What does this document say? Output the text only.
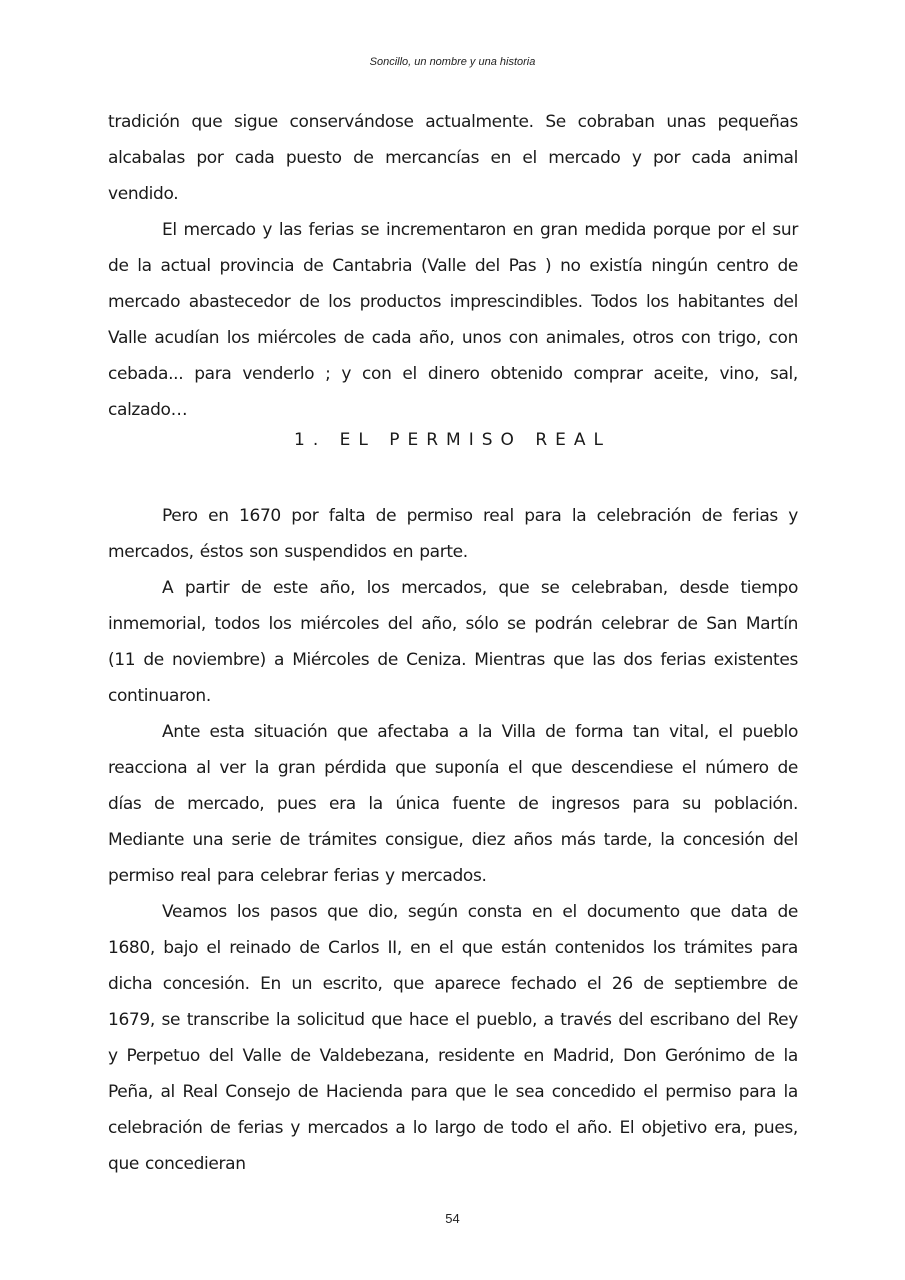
Soncillo, un nombre y una historia

tradición que sigue conservándose actualmente. Se cobraban unas pequeñas alcabalas por cada puesto de mercancías en el mercado y por cada animal vendido.

El mercado y las ferias se incrementaron en gran medida porque por el sur de la actual provincia de Cantabria (Valle del Pas ) no existía ningún centro de mercado abastecedor de los productos imprescindibles. Todos los habitantes del Valle acudían los miércoles de cada año, unos con animales, otros con trigo, con cebada... para venderlo ; y con el dinero obtenido comprar aceite, vino, sal, calzado…

1. EL PERMISO REAL

Pero en 1670 por falta de permiso real para la celebración de ferias y mercados, éstos son suspendidos en parte.

A partir de este año, los mercados, que se celebraban, desde tiempo inmemorial, todos los miércoles del año, sólo se podrán celebrar de San Martín (11 de noviembre) a Miércoles de Ceniza. Mientras que las dos ferias existentes continuaron.

Ante esta situación que afectaba a la Villa de forma tan vital, el pueblo reacciona al ver la gran pérdida que suponía el que descendiese el número de días de mercado, pues era la única fuente de ingresos para su población. Mediante una serie de trámites consigue, diez años más tarde, la concesión del permiso real para celebrar ferias y mercados.

Veamos los pasos que dio, según consta en el documento que data de 1680, bajo el reinado de Carlos II, en el que están contenidos los trámites para dicha concesión. En un escrito, que aparece fechado el 26 de septiembre de 1679, se transcribe la solicitud que hace el pueblo, a través del escribano del Rey y Perpetuo del Valle de Valdebezana, residente en Madrid, Don Gerónimo de la Peña, al Real Consejo de Hacienda para que le sea concedido el permiso para la celebración de ferias y mercados a lo largo de todo el año. El objetivo era, pues, que concedieran

54
